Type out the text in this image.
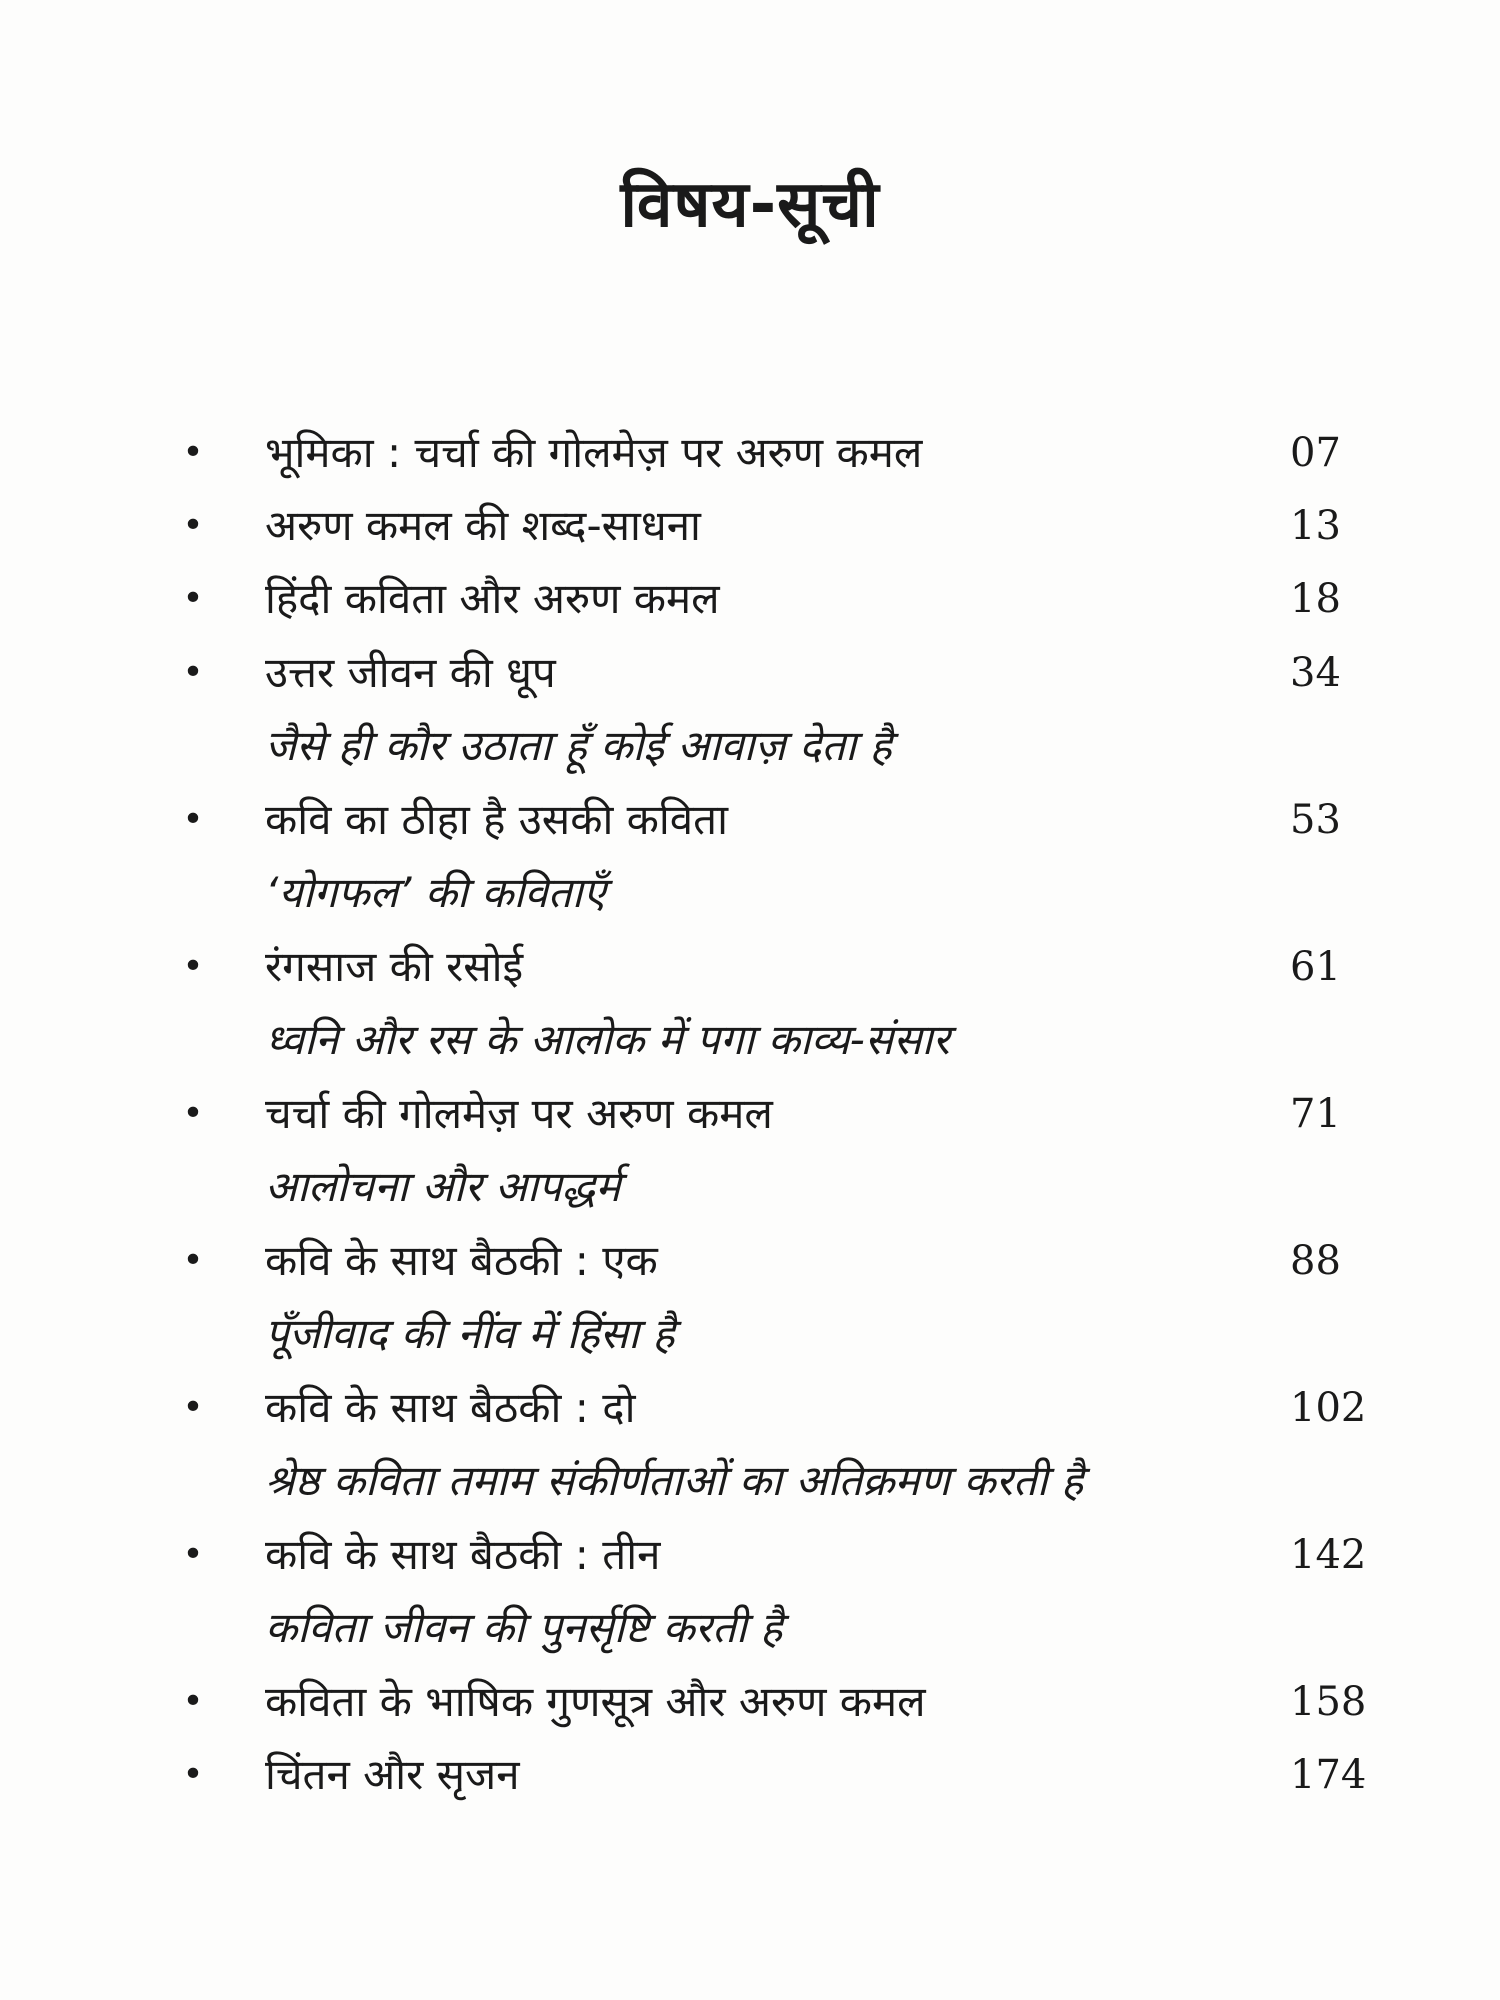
विषय-सूची
• भूमिका : चर्चा की गोलमेज़ पर अरुण कमल	07
• अरुण कमल की शब्द-साधना	13
• हिंदी कविता और अरुण कमल	18
• उत्तर जीवन की धूप	34
जैसे ही कौर उठाता हूँ कोई आवाज़ देता है
• कवि का ठीहा है उसकी कविता	53
‘योगफल’ की कविताएँ
• रंगसाज की रसोई	61
ध्वनि और रस के आलोक में पगा काव्य-संसार
• चर्चा की गोलमेज़ पर अरुण कमल	71
आलोचना और आपद्धर्म
• कवि के साथ बैठकी : एक	88
पूँजीवाद की नींव में हिंसा है
• कवि के साथ बैठकी : दो	102
श्रेष्ठ कविता तमाम संकीर्णताओं का अतिक्रमण करती है
• कवि के साथ बैठकी : तीन	142
कविता जीवन की पुनर्सृष्टि करती है
• कविता के भाषिक गुणसूत्र और अरुण कमल	158
• चिंतन और सृजन	174
